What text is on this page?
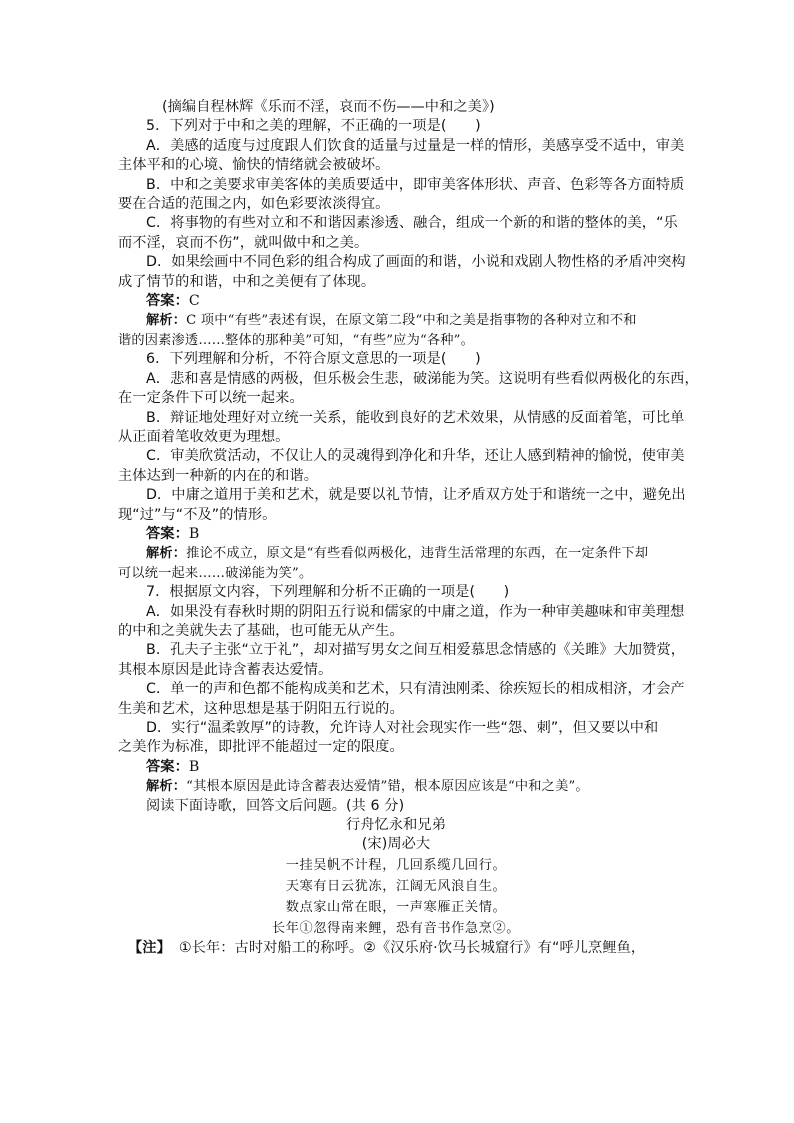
(摘编自程林辉《乐而不淫，哀而不伤——中和之美》)
5．下列对于中和之美的理解，不正确的一项是(　　)
A．美感的适度与过度跟人们饮食的适量与过量是一样的情形，美感享受不适中，审美
主体平和的心境、愉快的情绪就会被破坏。
B．中和之美要求审美客体的美质要适中，即审美客体形状、声音、色彩等各方面特质
要在合适的范围之内，如色彩要浓淡得宜。
C．将事物的有些对立和不和谐因素渗透、融合，组成一个新的和谐的整体的美，“乐
而不淫，哀而不伤”，就叫做中和之美。
D．如果绘画中不同色彩的组合构成了画面的和谐，小说和戏剧人物性格的矛盾冲突构
成了情节的和谐，中和之美便有了体现。
答案：C
解析：C 项中“有些”表述有误，在原文第二段“中和之美是指事物的各种对立和不和
谐的因素渗透……整体的那种美”可知，“有些”应为“各种”。
6．下列理解和分析，不符合原文意思的一项是(　　)
A．悲和喜是情感的两极，但乐极会生悲，破涕能为笑。这说明有些看似两极化的东西，
在一定条件下可以统一起来。
B．辩证地处理好对立统一关系，能收到良好的艺术效果，从情感的反面着笔，可比单
从正面着笔收效更为理想。
C．审美欣赏活动，不仅让人的灵魂得到净化和升华，还让人感到精神的愉悦，使审美
主体达到一种新的内在的和谐。
D．中庸之道用于美和艺术，就是要以礼节情，让矛盾双方处于和谐统一之中，避免出
现“过”与“不及”的情形。
答案：B
解析：推论不成立，原文是“有些看似两极化，违背生活常理的东西，在一定条件下却
可以统一起来……破涕能为笑”。
7．根据原文内容，下列理解和分析不正确的一项是(　　)
A．如果没有春秋时期的阴阳五行说和儒家的中庸之道，作为一种审美趣味和审美理想
的中和之美就失去了基础，也可能无从产生。
B．孔夫子主张“立于礼”，却对描写男女之间互相爱慕思念情感的《关雎》大加赞赏，
其根本原因是此诗含蓄表达爱情。
C．单一的声和色都不能构成美和艺术，只有清浊刚柔、徐疾短长的相成相济，才会产
生美和艺术，这种思想是基于阴阳五行说的。
D．实行“温柔敦厚”的诗教，允许诗人对社会现实作一些“怨、刺”，但又要以中和
之美作为标准，即批评不能超过一定的限度。
答案：B
解析：“其根本原因是此诗含蓄表达爱情”错，根本原因应该是“中和之美”。
阅读下面诗歌，回答文后问题。(共 6 分)
行舟忆永和兄弟
(宋)周必大
一挂吴帆不计程，几回系缆几回行。
天寒有日云犹冻，江阔无风浪自生。
数点家山常在眼，一声寒雁正关情。
长年①忽得南来鲤，恐有音书作急烹②。
【注】 ①长年：古时对船工的称呼。②《汉乐府·饮马长城窟行》有“呼儿烹鲤鱼，
